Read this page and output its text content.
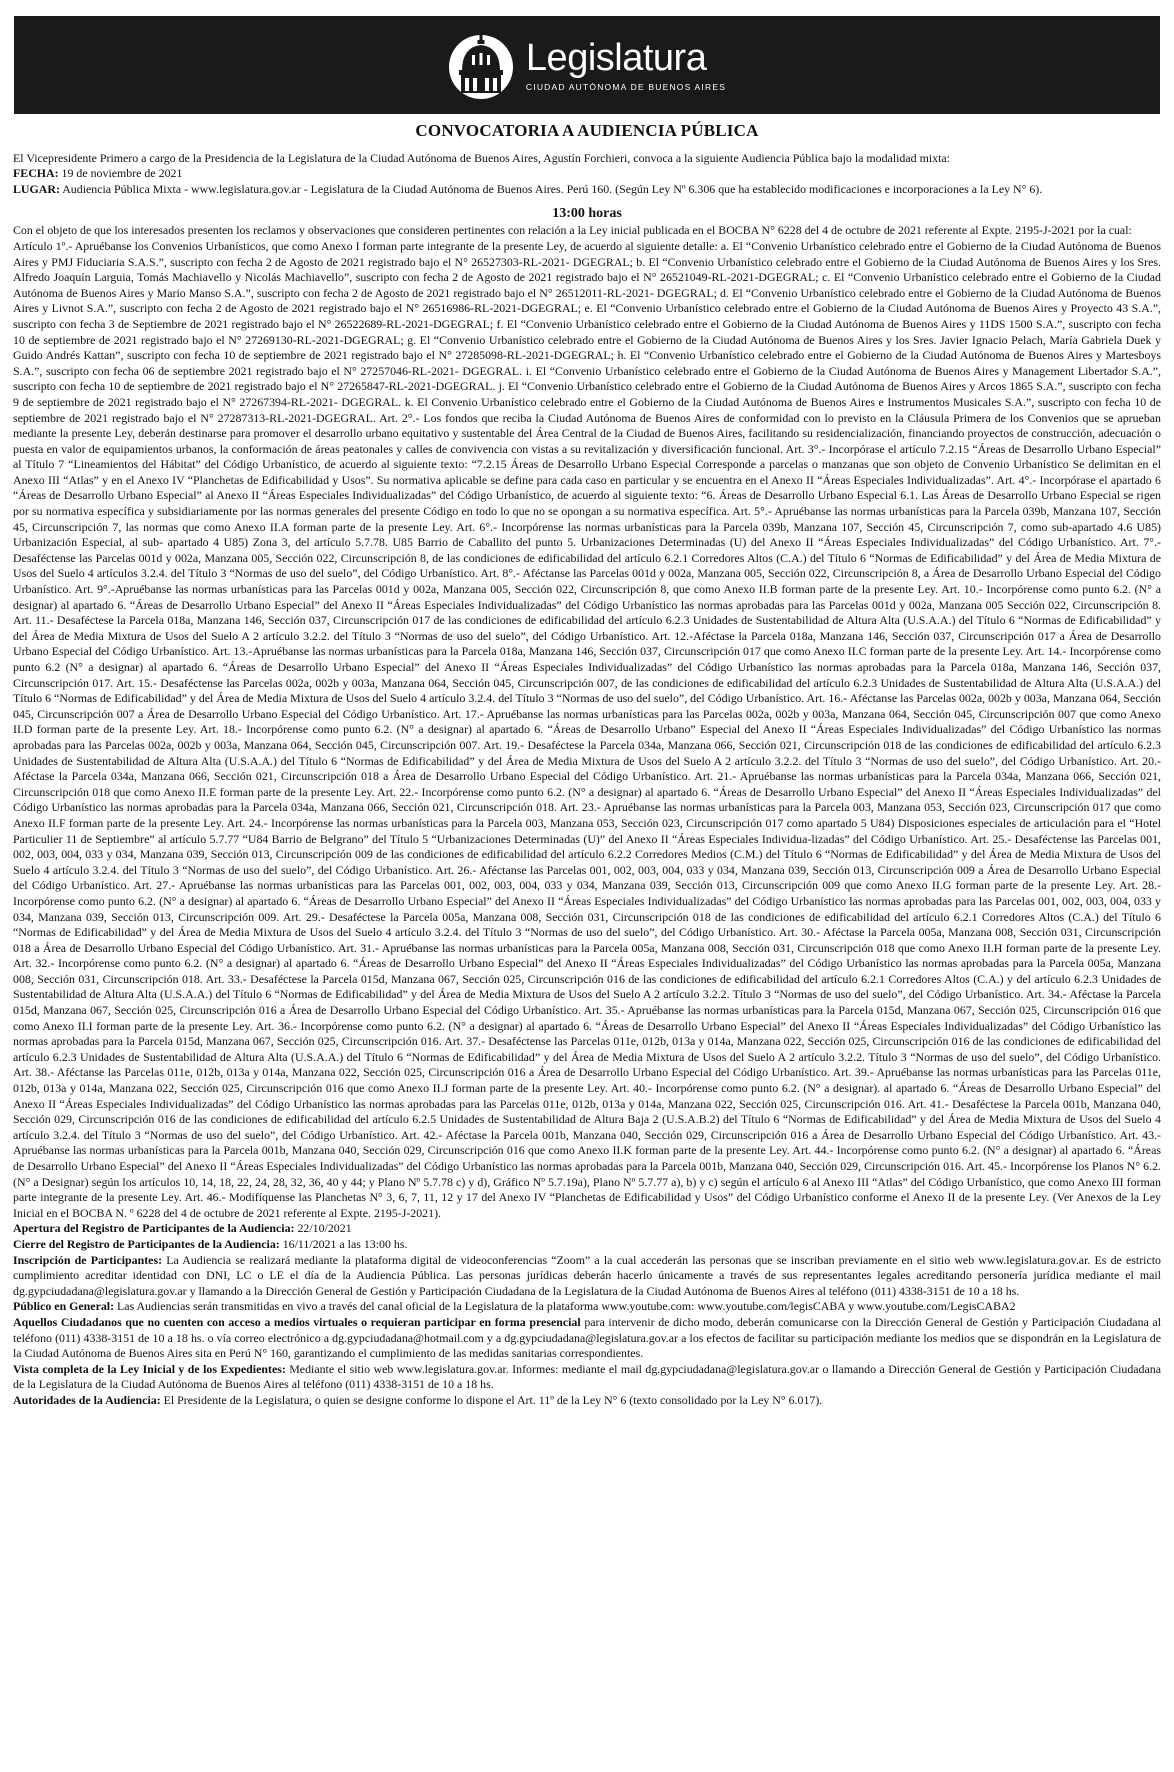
Legislatura
CIUDAD AUTÓNOMA DE BUENOS AIRES
CONVOCATORIA A AUDIENCIA PÚBLICA

El Vicepresidente Primero a cargo de la Presidencia de la Legislatura de la Ciudad Autónoma de Buenos Aires, Agustín Forchieri, convoca a la siguiente Audiencia Pública bajo la modalidad mixta:

FECHA: 19 de noviembre de 2021

LUGAR: Audiencia Pública Mixta - www.legislatura.gov.ar - Legislatura de la Ciudad Autónoma de Buenos Aires. Perú 160. (Según Ley Nº 6.306 que ha establecido modificaciones e incorporaciones a la Ley N° 6).

13:00 horas

Con el objeto de que los interesados presenten los reclamos y observaciones que consideren pertinentes con relación a la Ley inicial publicada en el BOCBA N° 6228 del 4 de octubre de 2021 referente al Expte. 2195-J-2021 por la cual:

Artículo 1º.- Apruébanse los Convenios Urbanísticos, que como Anexo I forman parte integrante de la presente Ley, de acuerdo al siguiente detalle: a. El “Convenio Urbanístico celebrado entre el Gobierno de la Ciudad Autónoma de Buenos Aires y PMJ Fiduciaria S.A.S.”, suscripto con fecha 2 de Agosto de 2021 registrado bajo el N° 26527303-RL-2021- DGEGRAL; b. El “Convenio Urbanístico celebrado entre el Gobierno de la Ciudad Autónoma de Buenos Aires y los Sres. Alfredo Joaquín Larguia, Tomás Machiavello y Nicolás Machiavello”, suscripto con fecha 2 de Agosto de 2021 registrado bajo el N° 26521049-RL-2021-DGEGRAL; c. El “Convenio Urbanístico celebrado entre el Gobierno de la Ciudad Autónoma de Buenos Aires y Mario Manso S.A.”, suscripto con fecha 2 de Agosto de 2021 registrado bajo el N° 26512011-RL-2021- DGEGRAL; d. El “Convenio Urbanístico celebrado entre el Gobierno de la Ciudad Autónoma de Buenos Aires y Livnot S.A.”, suscripto con fecha 2 de Agosto de 2021 registrado bajo el N° 26516986-RL-2021-DGEGRAL; e. El “Convenio Urbanístico celebrado entre el Gobierno de la Ciudad Autónoma de Buenos Aires y Proyecto 43 S.A.”, suscripto con fecha 3 de Septiembre de 2021 registrado bajo el N° 26522689-RL-2021-DGEGRAL; f. El “Convenio Urbanístico celebrado entre el Gobierno de la Ciudad Autónoma de Buenos Aires y 11DS 1500 S.A.”, suscripto con fecha 10 de septiembre de 2021 registrado bajo el N° 27269130-RL-2021-DGEGRAL; g. El “Convenio Urbanístico celebrado entre el Gobierno de la Ciudad Autónoma de Buenos Aires y los Sres. Javier Ignacio Pelach, María Gabriela Duek y Guido Andrés Kattan”, suscripto con fecha 10 de septiembre de 2021 registrado bajo el N° 27285098-RL-2021-DGEGRAL; h. El “Convenio Urbanístico celebrado entre el Gobierno de la Ciudad Autónoma de Buenos Aires y Martesboys S.A.”, suscripto con fecha 06 de septiembre 2021 registrado bajo el N° 27257046-RL-2021- DGEGRAL. i. El “Convenio Urbanístico celebrado entre el Gobierno de la Ciudad Autónoma de Buenos Aires y Management Libertador S.A.”, suscripto con fecha 10 de septiembre de 2021 registrado bajo el N° 27265847-RL-2021-DGEGRAL. j. El “Convenio Urbanístico celebrado entre el Gobierno de la Ciudad Autónoma de Buenos Aires y Arcos 1865 S.A.”, suscripto con fecha 9 de septiembre de 2021 registrado bajo el N° 27267394-RL-2021- DGEGRAL. k. El Convenio Urbanístico celebrado entre el Gobierno de la Ciudad Autónoma de Buenos Aires e Instrumentos Musicales S.A.”, suscripto con fecha 10 de septiembre de 2021 registrado bajo el N° 27287313-RL-2021-DGEGRAL. Art. 2°.- Los fondos que reciba la Ciudad Autónoma de Buenos Aires de conformidad con lo previsto en la Cláusula Primera de los Convenios que se aprueban mediante la presente Ley, deberán destinarse para promover el desarrollo urbano equitativo y sustentable del Área Central de la Ciudad de Buenos Aires, facilitando su residencialización, financiando proyectos de construcción, adecuación o puesta en valor de equipamientos urbanos, la conformación de áreas peatonales y calles de convivencia con vistas a su revitalización y diversificación funcional. Art. 3°.- Incorpórase el artículo 7.2.15 “Áreas de Desarrollo Urbano Especial” al Título 7 “Lineamientos del Hábitat” del Código Urbanístico, de acuerdo al siguiente texto: “7.2.15 Áreas de Desarrollo Urbano Especial Corresponde a parcelas o manzanas que son objeto de Convenio Urbanístico Se delimitan en el Anexo III “Atlas” y en el Anexo IV “Planchetas de Edificabilidad y Usos”. Su normativa aplicable se define para cada caso en particular y se encuentra en el Anexo II “Áreas Especiales Individualizadas”. Art. 4°.- Incorpórase el apartado 6 “Áreas de Desarrollo Urbano Especial” al Anexo II “Áreas Especiales Individualizadas” del Código Urbanístico, de acuerdo al siguiente texto: “6. Áreas de Desarrollo Urbano Especial 6.1. Las Áreas de Desarrollo Urbano Especial se rigen por su normativa específica y subsidiariamente por las normas generales del presente Código en todo lo que no se opongan a su normativa específica. Art. 5°.- Apruébanse las normas urbanísticas para la Parcela 039b, Manzana 107, Sección 45, Circunscripción 7, las normas que como Anexo II.A forman parte de la presente Ley. Art. 6°.- Incorpórense las normas urbanísticas para la Parcela 039b, Manzana 107, Sección 45, Circunscripción 7, como sub-apartado 4.6 U85) Urbanización Especial, al sub- apartado 4 U85) Zona 3, del artículo 5.7.78. U85 Barrio de Caballito del punto 5. Urbanizaciones Determinadas (U) del Anexo II “Áreas Especiales Individualizadas” del Código Urbanístico. Art. 7°.- Desaféctense las Parcelas 001d y 002a, Manzana 005, Sección 022, Circunscripción 8, de las condiciones de edificabilidad del artículo 6.2.1 Corredores Altos (C.A.) del Título 6 “Normas de Edificabilidad” y del Área de Media Mixtura de Usos del Suelo 4 artículos 3.2.4. del Título 3 “Normas de uso del suelo”, del Código Urbanístico. Art. 8°.- Aféctanse las Parcelas 001d y 002a, Manzana 005, Sección 022, Circunscripción 8, a Área de Desarrollo Urbano Especial del Código Urbanístico. Art. 9°.-Apruébanse las normas urbanísticas para las Parcelas 001d y 002a, Manzana 005, Sección 022, Circunscripción 8, que como Anexo II.B forman parte de la presente Ley. Art. 10.- Incorpórense como punto 6.2. (N° a designar) al apartado 6. “Áreas de Desarrollo Urbano Especial” del Anexo II “Áreas Especiales Individualizadas” del Código Urbanístico las normas aprobadas para las Parcelas 001d y 002a, Manzana 005 Sección 022, Circunscripción 8. Art. 11.- Desaféctese la Parcela 018a, Manzana 146, Sección 037, Circunscripción 017 de las condiciones de edificabilidad del artículo 6.2.3 Unidades de Sustentabilidad de Altura Alta (U.S.A.A.) del Título 6 “Normas de Edificabilidad” y del Área de Media Mixtura de Usos del Suelo A 2 artículo 3.2.2. del Título 3 “Normas de uso del suelo”, del Código Urbanístico. Art. 12.-Aféctase la Parcela 018a, Manzana 146, Sección 037, Circunscripción 017 a Área de Desarrollo Urbano Especial del Código Urbanístico. Art. 13.-Apruébanse las normas urbanísticas para la Parcela 018a, Manzana 146, Sección 037, Circunscripción 017 que como Anexo II.C forman parte de la presente Ley. Art. 14.- Incorpórense como punto 6.2 (N° a designar) al apartado 6. “Áreas de Desarrollo Urbano Especial” del Anexo II “Áreas Especiales Individualizadas” del Código Urbanístico las normas aprobadas para la Parcela 018a, Manzana 146, Sección 037, Circunscripción 017. Art. 15.- Desaféctense las Parcelas 002a, 002b y 003a, Manzana 064, Sección 045, Circunscripción 007, de las condiciones de edificabilidad del artículo 6.2.3 Unidades de Sustentabilidad de Altura Alta (U.S.A.A.) del Título 6 “Normas de Edificabilidad” y del Área de Media Mixtura de Usos del Suelo 4 artículo 3.2.4. del Título 3 “Normas de uso del suelo”, del Código Urbanístico. Art. 16.- Aféctanse las Parcelas 002a, 002b y 003a, Manzana 064, Sección 045, Circunscripción 007 a Área de Desarrollo Urbano Especial del Código Urbanístico. Art. 17.- Apruébanse las normas urbanísticas para las Parcelas 002a, 002b y 003a, Manzana 064, Sección 045, Circunscripción 007 que como Anexo II.D forman parte de la presente Ley. Art. 18.- Incorpórense como punto 6.2. (N° a designar) al apartado 6. “Áreas de Desarrollo Urbano” Especial del Anexo II “Áreas Especiales Individualizadas” del Código Urbanístico las normas aprobadas para las Parcelas 002a, 002b y 003a, Manzana 064, Sección 045, Circunscripción 007. Art. 19.- Desaféctese la Parcela 034a, Manzana 066, Sección 021, Circunscripción 018 de las condiciones de edificabilidad del artículo 6.2.3 Unidades de Sustentabilidad de Altura Alta (U.S.A.A.) del Título 6 “Normas de Edificabilidad” y del Área de Media Mixtura de Usos del Suelo A 2 artículo 3.2.2. del Título 3 “Normas de uso del suelo”, del Código Urbanístico. Art. 20.- Aféctase la Parcela 034a, Manzana 066, Sección 021, Circunscripción 018 a Área de Desarrollo Urbano Especial del Código Urbanístico. Art. 21.- Apruébanse las normas urbanísticas para la Parcela 034a, Manzana 066, Sección 021, Circunscripción 018 que como Anexo II.E forman parte de la presente Ley. Art. 22.- Incorpórense como punto 6.2. (N° a designar) al apartado 6. “Áreas de Desarrollo Urbano Especial” del Anexo II “Áreas Especiales Individualizadas” del Código Urbanístico las normas aprobadas para la Parcela 034a, Manzana 066, Sección 021, Circunscripción 018. Art. 23.- Apruébanse las normas urbanísticas para la Parcela 003, Manzana 053, Sección 023, Circunscripción 017 que como Anexo II.F forman parte de la presente Ley. Art. 24.- Incorpórense las normas urbanísticas para la Parcela 003, Manzana 053, Sección 023, Circunscripción 017 como apartado 5 U84) Disposiciones especiales de articulación para el “Hotel Particulier 11 de Septiembre” al artículo 5.7.77 “U84 Barrio de Belgrano” del Título 5 “Urbanizaciones Determinadas (U)” del Anexo II “Áreas Especiales Individua-lizadas” del Código Urbanístico. Art. 25.- Desaféctense las Parcelas 001, 002, 003, 004, 033 y 034, Manzana 039, Sección 013, Circunscripción 009 de las condiciones de edificabilidad del artículo 6.2.2 Corredores Medios (C.M.) del Título 6 “Normas de Edificabilidad” y del Área de Media Mixtura de Usos del Suelo 4 artículo 3.2.4. del Título 3 “Normas de uso del suelo”, del Código Urbanístico. Art. 26.- Aféctanse las Parcelas 001, 002, 003, 004, 033 y 034, Manzana 039, Sección 013, Circunscripción 009 a Área de Desarrollo Urbano Especial del Código Urbanístico. Art. 27.- Apruébanse las normas urbanísticas para las Parcelas 001, 002, 003, 004, 033 y 034, Manzana 039, Sección 013, Circunscripción 009 que como Anexo II.G forman parte de la presente Ley. Art. 28.- Incorpórense como punto 6.2. (N° a designar) al apartado 6. “Áreas de Desarrollo Urbano Especial” del Anexo II “Áreas Especiales Individualizadas” del Código Urbanístico las normas aprobadas para las Parcelas 001, 002, 003, 004, 033 y 034, Manzana 039, Sección 013, Circunscripción 009. Art. 29.- Desaféctese la Parcela 005a, Manzana 008, Sección 031, Circunscripción 018 de las condiciones de edificabilidad del artículo 6.2.1 Corredores Altos (C.A.) del Título 6 “Normas de Edificabilidad” y del Área de Media Mixtura de Usos del Suelo 4 artículo 3.2.4. del Título 3 “Normas de uso del suelo”, del Código Urbanístico. Art. 30.- Aféctase la Parcela 005a, Manzana 008, Sección 031, Circunscripción 018 a Área de Desarrollo Urbano Especial del Código Urbanístico. Art. 31.- Apruébanse las normas urbanísticas para la Parcela 005a, Manzana 008, Sección 031, Circunscripción 018 que como Anexo II.H forman parte de la presente Ley. Art. 32.- Incorpórense como punto 6.2. (N° a designar) al apartado 6. “Áreas de Desarrollo Urbano Especial” del Anexo II “Áreas Especiales Individualizadas” del Código Urbanístico las normas aprobadas para la Parcela 005a, Manzana 008, Sección 031, Circunscripción 018. Art. 33.- Desaféctese la Parcela 015d, Manzana 067, Sección 025, Circunscripción 016 de las condiciones de edificabilidad del artículo 6.2.1 Corredores Altos (C.A.) y del artículo 6.2.3 Unidades de Sustentabilidad de Altura Alta (U.S.A.A.) del Título 6 “Normas de Edificabilidad” y del Área de Media Mixtura de Usos del Suelo A 2 artículo 3.2.2. Título 3 “Normas de uso del suelo”, del Código Urbanístico. Art. 34.- Aféctase la Parcela 015d, Manzana 067, Sección 025, Circunscripción 016 a Área de Desarrollo Urbano Especial del Código Urbanístico. Art. 35.- Apruébanse las normas urbanísticas para la Parcela 015d, Manzana 067, Sección 025, Circunscripción 016 que como Anexo II.I forman parte de la presente Ley. Art. 36.- Incorpórense como punto 6.2. (N° a designar) al apartado 6. “Áreas de Desarrollo Urbano Especial” del Anexo II “Áreas Especiales Individualizadas” del Código Urbanístico las normas aprobadas para la Parcela 015d, Manzana 067, Sección 025, Circunscripción 016. Art. 37.- Desaféctense las Parcelas 011e, 012b, 013a y 014a, Manzana 022, Sección 025, Circunscripción 016 de las condiciones de edificabilidad del artículo 6.2.3 Unidades de Sustentabilidad de Altura Alta (U.S.A.A.) del Título 6 “Normas de Edificabilidad” y del Área de Media Mixtura de Usos del Suelo A 2 artículo 3.2.2. Título 3 “Normas de uso del suelo”, del Código Urbanístico. Art. 38.- Aféctanse las Parcelas 011e, 012b, 013a y 014a, Manzana 022, Sección 025, Circunscripción 016 a Área de Desarrollo Urbano Especial del Código Urbanístico. Art. 39.- Apruébanse las normas urbanísticas para las Parcelas 011e, 012b, 013a y 014a, Manzana 022, Sección 025, Circunscripción 016 que como Anexo II.J forman parte de la presente Ley. Art. 40.- Incorpórense como punto 6.2. (N° a designar). al apartado 6. “Áreas de Desarrollo Urbano Especial” del Anexo II “Áreas Especiales Individualizadas” del Código Urbanístico las normas aprobadas para las Parcelas 011e, 012b, 013a y 014a, Manzana 022, Sección 025, Circunscripción 016. Art. 41.- Desaféctese la Parcela 001b, Manzana 040, Sección 029, Circunscripción 016 de las condiciones de edificabilidad del artículo 6.2.5 Unidades de Sustentabilidad de Altura Baja 2 (U.S.A.B.2) del Título 6 “Normas de Edificabilidad” y del Área de Media Mixtura de Usos del Suelo 4 artículo 3.2.4. del Título 3 “Normas de uso del suelo”, del Código Urbanístico. Art. 42.- Aféctase la Parcela 001b, Manzana 040, Sección 029, Circunscripción 016 a Área de Desarrollo Urbano Especial del Código Urbanístico. Art. 43.- Apruébanse las normas urbanísticas para la Parcela 001b, Manzana 040, Sección 029, Circunscripción 016 que como Anexo II.K forman parte de la presente Ley. Art. 44.- Incorpórense como punto 6.2. (N° a designar) al apartado 6. “Áreas de Desarrollo Urbano Especial” del Anexo II “Áreas Especiales Individualizadas” del Código Urbanístico las normas aprobadas para la Parcela 001b, Manzana 040, Sección 029, Circunscripción 016. Art. 45.- Incorpórense los Planos N° 6.2. (N° a Designar) según los artículos 10, 14, 18, 22, 24, 28, 32, 36, 40 y 44; y Plano Nº 5.7.78 c) y d), Gráfico Nº 5.7.19a), Plano Nº 5.7.77 a), b) y c) según el artículo 6 al Anexo III “Atlas” del Código Urbanístico, que como Anexo III forman parte integrante de la presente Ley. Art. 46.- Modifíquense las Planchetas N° 3, 6, 7, 11, 12 y 17 del Anexo IV “Planchetas de Edificabilidad y Usos” del Código Urbanístico conforme el Anexo II de la presente Ley. (Ver Anexos de la Ley Inicial en el BOCBA N. º 6228 del 4 de octubre de 2021 referente al Expte. 2195-J-2021).

Apertura del Registro de Participantes de la Audiencia: 22/10/2021

Cierre del Registro de Participantes de la Audiencia: 16/11/2021 a las 13:00 hs.

Inscripción de Participantes: La Audiencia se realizará mediante la plataforma digital de videoconferencias “Zoom” a la cual accederán las personas que se inscriban previamente en el sitio web www.legislatura.gov.ar. Es de estricto cumplimiento acreditar identidad con DNI, LC o LE el día de la Audiencia Pública. Las personas jurídicas deberán hacerlo únicamente a través de sus representantes legales acreditando personería jurídica mediante el mail dg.gypciudadana@legislatura.gov.ar y llamando a la Dirección General de Gestión y Participación Ciudadana de la Legislatura de la Ciudad Autónoma de Buenos Aires al teléfono (011) 4338-3151 de 10 a 18 hs.

Público en General: Las Audiencias serán transmitidas en vivo a través del canal oficial de la Legislatura de la plataforma www.youtube.com: www.youtube.com/legisCABA y www.youtube.com/LegisCABA2

Aquellos Ciudadanos que no cuenten con acceso a medios virtuales o requieran participar en forma presencial para intervenir de dicho modo, deberán comunicarse con la Dirección General de Gestión y Participación Ciudadana al teléfono (011) 4338-3151 de 10 a 18 hs. o vía correo electrónico a dg.gypciudadana@hotmail.com y a dg.gypciudadana@legislatura.gov.ar a los efectos de facilitar su participación mediante los medios que se dispondrán en la Legislatura de la Ciudad Autónoma de Buenos Aires sita en Perú N° 160, garantizando el cumplimiento de las medidas sanitarias correspondientes.

Vista completa de la Ley Inicial y de los Expedientes: Mediante el sitio web www.legislatura.gov.ar. Informes: mediante el mail dg.gypciudadana@legislatura.gov.ar o llamando a Dirección General de Gestión y Participación Ciudadana de la Legislatura de la Ciudad Autónoma de Buenos Aires al teléfono (011) 4338-3151 de 10 a 18 hs.

Autoridades de la Audiencia: El Presidente de la Legislatura, o quien se designe conforme lo dispone el Art. 11º de la Ley N° 6 (texto consolidado por la Ley N° 6.017).
